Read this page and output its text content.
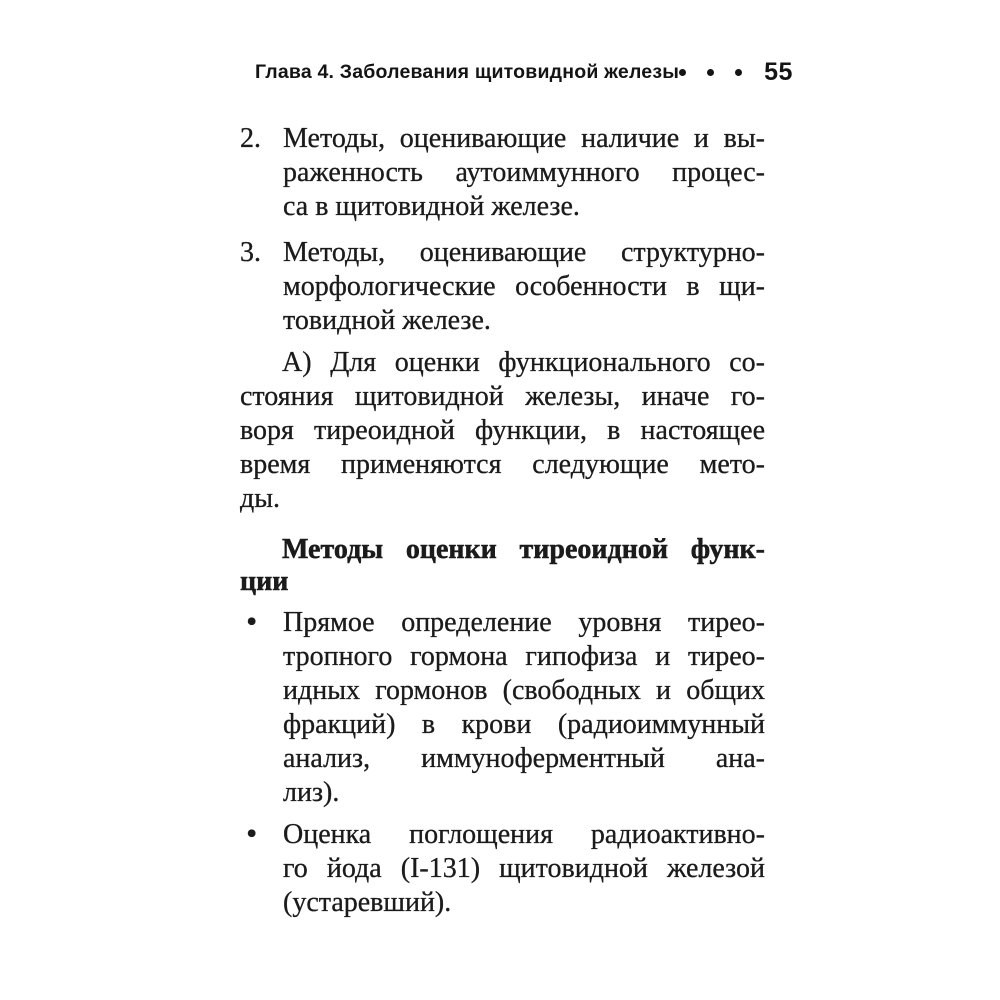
Глава 4. Заболевания щитовидной железы	55
2. Методы, оценивающие наличие и вы-
раженность аутоиммунного процес-
са в щитовидной железе.
3. Методы, оценивающие структурно-
морфологические особенности в щи-
товидной железе.
А) Для оценки функционального со-
стояния щитовидной железы, иначе го-
воря тиреоидной функции, в настоящее
время применяются следующие мето-
ды.
Методы оценки тиреоидной функ-
ции
• Прямое определение уровня тирео-
тропного гормона гипофиза и тирео-
идных гормонов (свободных и общих
фракций) в крови (радиоиммунный
анализ, иммуноферментный ана-
лиз).
• Оценка поглощения радиоактивно-
го йода (I-131) щитовидной железой
(устаревший).
